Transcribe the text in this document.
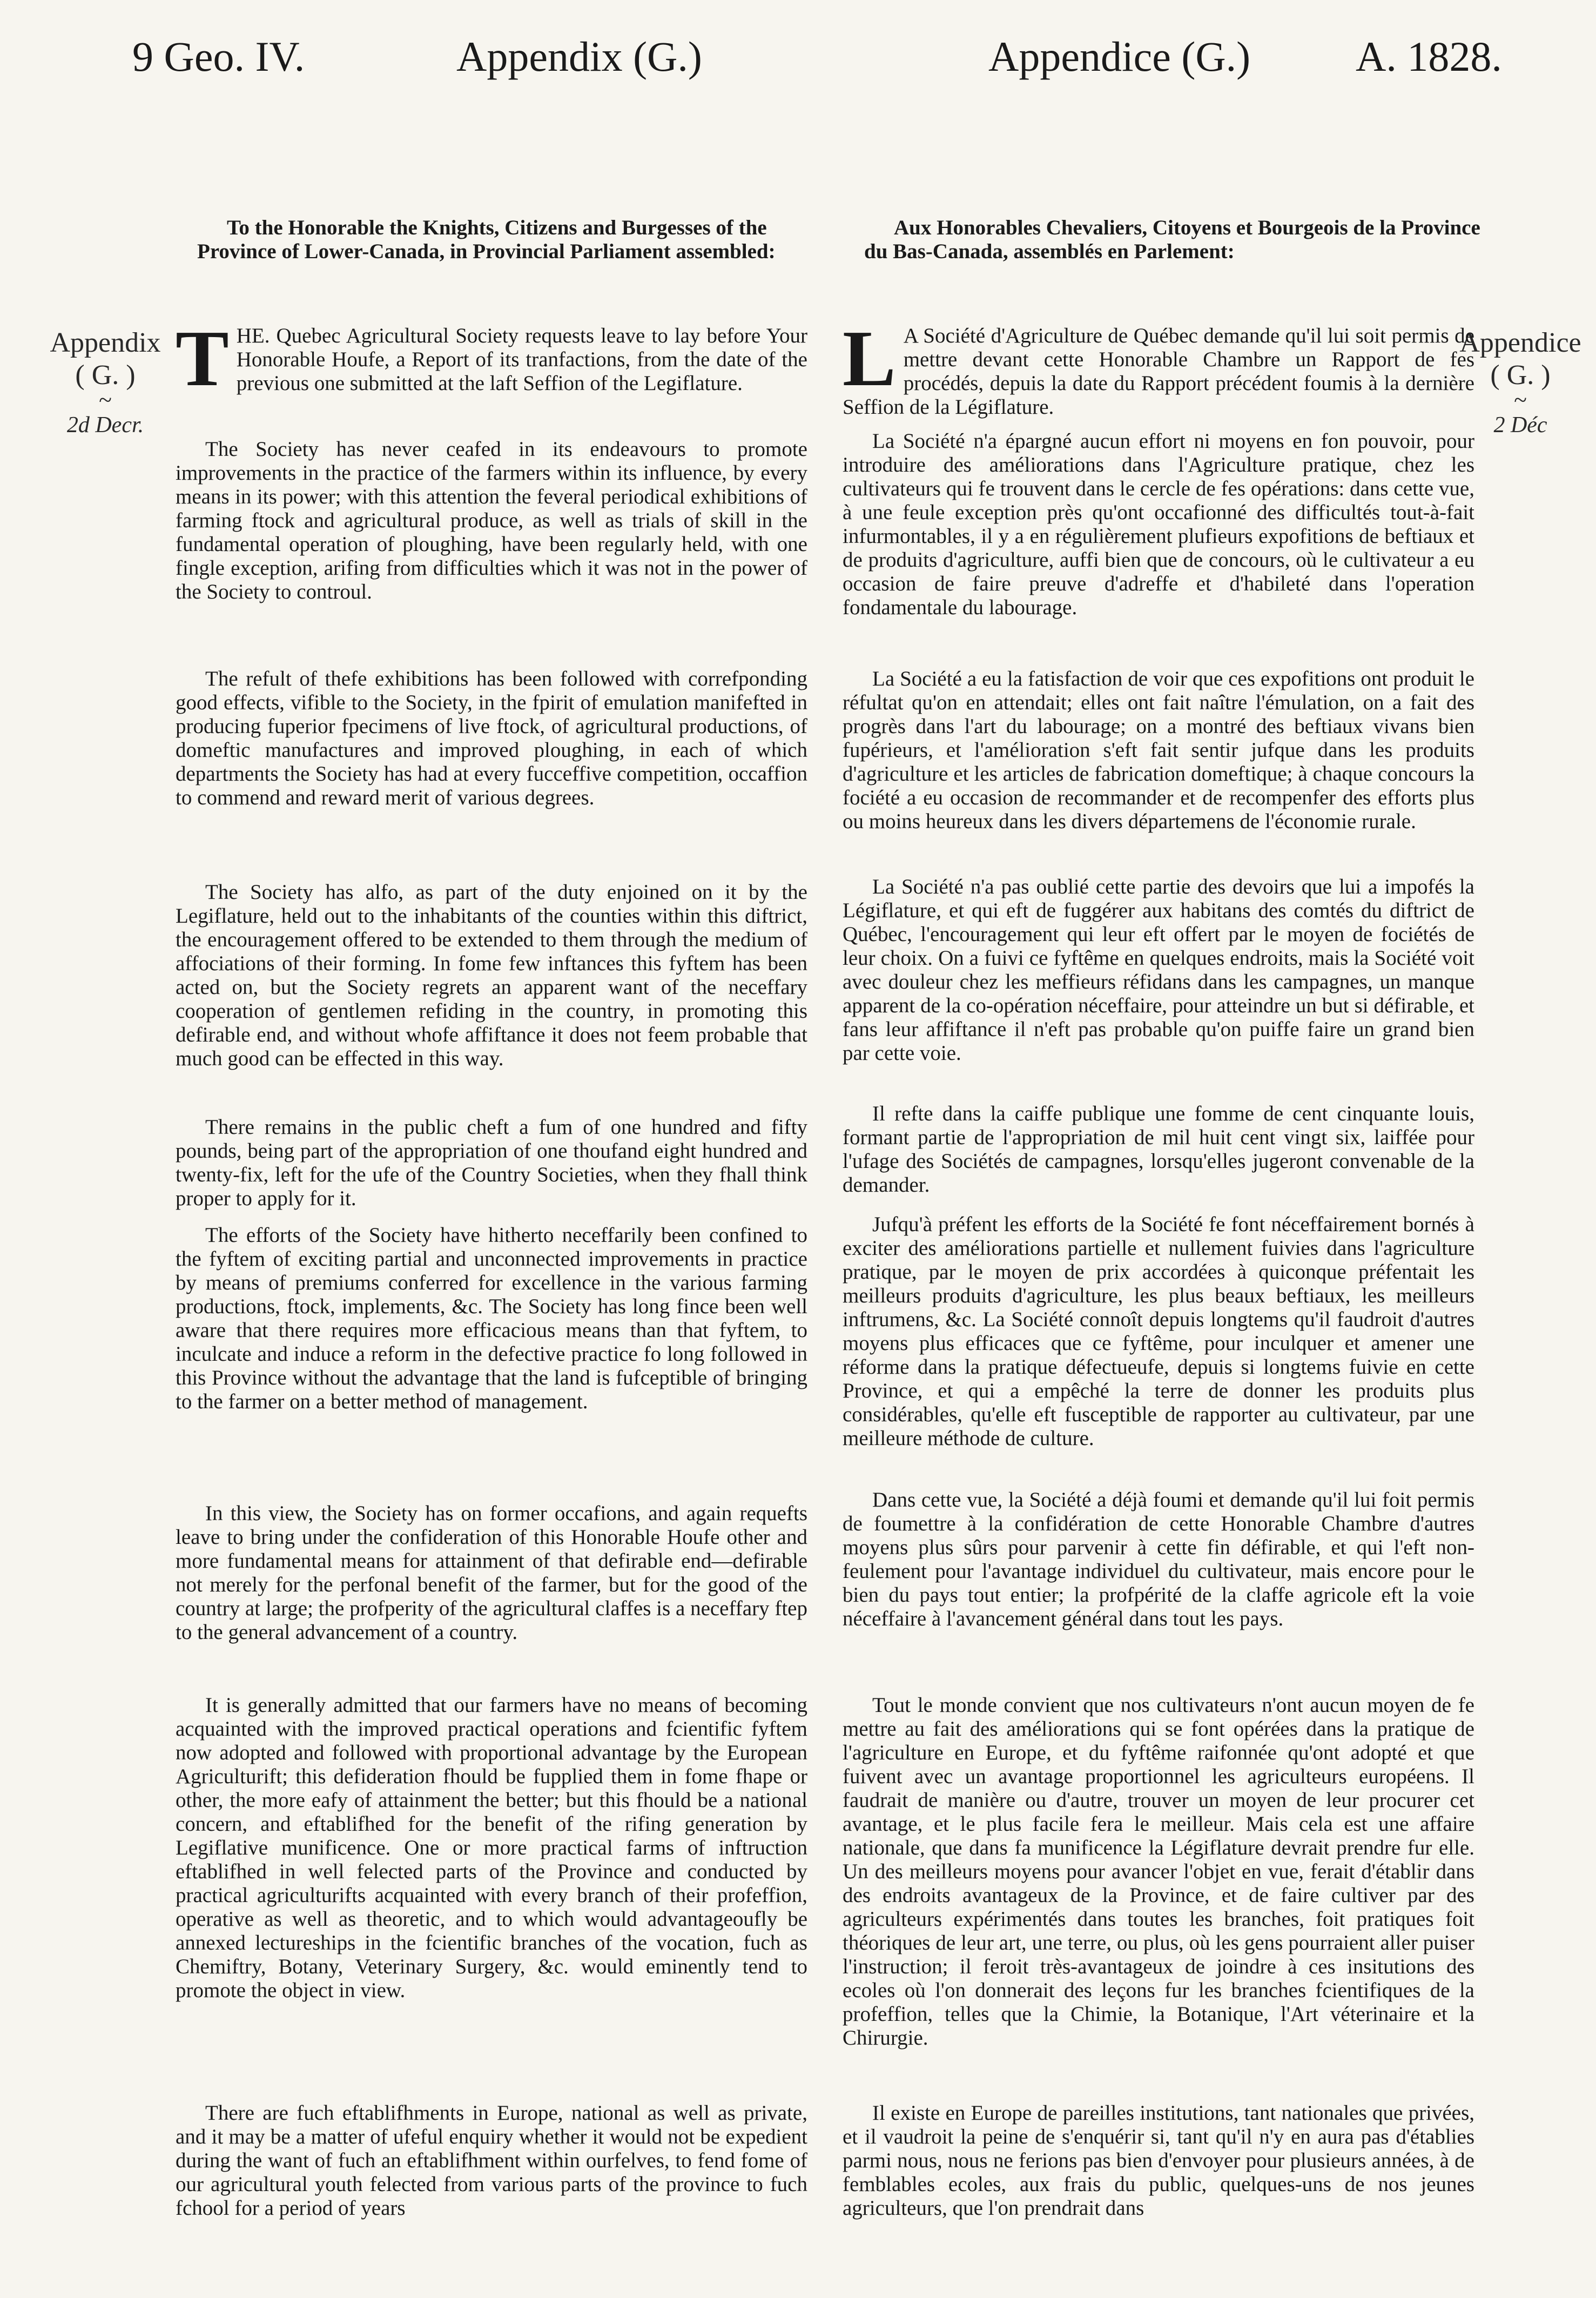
9 Geo. IV.	Appendix (G.)	Appendice (G.) A. 1828.
Appendix
( G. )
~
2d Decr.
Appendice
( G. )
~
2 Déc

To the Honorable the Knights, Citizens and Burgesses of the Province of Lower-Canada, in Provincial Parliament assembled:

THE. Quebec Agricultural Society requests leave to lay before Your Honorable Houfe, a Report of its tranfactions, from the date of the previous one submitted at the laft Seffion of the Legiflature.

The Society has never ceafed in its endeavours to promote improvements in the practice of the farmers within its influence, by every means in its power; with this attention the feveral periodical exhibitions of farming ftock and agricultural produce, as well as trials of skill in the fundamental operation of ploughing, have been regularly held, with one fingle exception, arifing from difficulties which it was not in the power of the Society to controul.

The refult of thefe exhibitions has been followed with correfponding good effects, vifible to the Society, in the fpirit of emulation manifefted in producing fuperior fpecimens of live ftock, of agricultural productions, of domeftic manufactures and improved ploughing, in each of which departments the Society has had at every fucceffive competition, occaffion to commend and reward merit of various degrees.

The Society has alfo, as part of the duty enjoined on it by the Legiflature, held out to the inhabitants of the counties within this diftrict, the encouragement offered to be extended to them through the medium of affociations of their forming. In fome few inftances this fyftem has been acted on, but the Society regrets an apparent want of the neceffary cooperation of gentlemen refiding in the country, in promoting this defirable end, and without whofe affiftance it does not feem probable that much good can be effected in this way.

There remains in the public cheft a fum of one hundred and fifty pounds, being part of the appropriation of one thoufand eight hundred and twenty-fix, left for the ufe of the Country Societies, when they fhall think proper to apply for it.

The efforts of the Society have hitherto neceffarily been confined to the fyftem of exciting partial and unconnected improvements in practice by means of premiums conferred for excellence in the various farming productions, ftock, implements, &c. The Society has long fince been well aware that there requires more efficacious means than that fyftem, to inculcate and induce a reform in the defective practice fo long followed in this Province without the advantage that the land is fufceptible of bringing to the farmer on a better method of management.

In this view, the Society has on former occafions, and again requefts leave to bring under the confideration of this Honorable Houfe other and more fundamental means for attainment of that defirable end—defirable not merely for the perfonal benefit of the farmer, but for the good of the country at large; the profperity of the agricultural claffes is a neceffary ftep to the general advancement of a country.

It is generally admitted that our farmers have no means of becoming acquainted with the improved practical operations and fcientific fyftem now adopted and followed with proportional advantage by the European Agriculturift; this defideration fhould be fupplied them in fome fhape or other, the more eafy of attainment the better; but this fhould be a national concern, and eftablifhed for the benefit of the rifing generation by Legiflative munificence. One or more practical farms of inftruction eftablifhed in well felected parts of the Province and conducted by practical agriculturifts acquainted with every branch of their profeffion, operative as well as theoretic, and to which would advantageoufly be annexed lectureships in the fcientific branches of the vocation, fuch as Chemiftry, Botany, Veterinary Surgery, &c. would eminently tend to promote the object in view.

There are fuch eftablifhments in Europe, national as well as private, and it may be a matter of ufeful enquiry whether it would not be expedient during the want of fuch an eftablifhment within ourfelves, to fend fome of our agricultural youth felected from various parts of the province to fuch fchool for a period of years

Aux Honorables Chevaliers, Citoyens et Bourgeois de la Province du Bas-Canada, assemblés en Parlement:

L A Société d'Agriculture de Québec demande qu'il lui soit permis de mettre devant cette Honorable Chambre un Rapport de fes procédés, depuis la date du Rapport précédent foumis à la dernière Seffion de la Légiflature.

La Société n'a épargné aucun effort ni moyens en fon pouvoir, pour introduire des améliorations dans l'Agriculture pratique, chez les cultivateurs qui fe trouvent dans le cercle de fes opérations: dans cette vue, à une feule exception près qu'ont occafionné des difficultés tout-à-fait infurmontables, il y a en régulièrement plufieurs expofitions de beftiaux et de produits d'agriculture, auffi bien que de concours, où le cultivateur a eu occasion de faire preuve d'adreffe et d'habileté dans l'operation fondamentale du labourage.

La Société a eu la fatisfaction de voir que ces expofitions ont produit le réfultat qu'on en attendait; elles ont fait naître l'émulation, on a fait des progrès dans l'art du labourage; on a montré des beftiaux vivans bien fupérieurs, et l'amélioration s'eft fait sentir jufque dans les produits d'agriculture et les articles de fabrication domeftique; à chaque concours la fociété a eu occasion de recommander et de recompenfer des efforts plus ou moins heureux dans les divers départemens de l'économie rurale.

La Société n'a pas oublié cette partie des devoirs que lui a impofés la Légiflature, et qui eft de fuggérer aux habitans des comtés du diftrict de Québec, l'encouragement qui leur eft offert par le moyen de fociétés de leur choix. On a fuivi ce fyftême en quelques endroits, mais la Société voit avec douleur chez les meffieurs réfidans dans les campagnes, un manque apparent de la co-opération néceffaire, pour atteindre un but si défirable, et fans leur affiftance il n'eft pas probable qu'on puiffe faire un grand bien par cette voie.

Il refte dans la caiffe publique une fomme de cent cinquante louis, formant partie de l'appropriation de mil huit cent vingt six, laiffée pour l'ufage des Sociétés de campagnes, lorsqu'elles jugeront convenable de la demander.

Jufqu'à préfent les efforts de la Société fe font néceffairement bornés à exciter des améliorations partielle et nullement fuivies dans l'agriculture pratique, par le moyen de prix accordées à quiconque préfentait les meilleurs produits d'agriculture, les plus beaux beftiaux, les meilleurs inftrumens, &c. La Société connoît depuis longtems qu'il faudroit d'autres moyens plus efficaces que ce fyftême, pour inculquer et amener une réforme dans la pratique défectueufe, depuis si longtems fuivie en cette Province, et qui a empêché la terre de donner les produits plus considérables, qu'elle eft fusceptible de rapporter au cultivateur, par une meilleure méthode de culture.

Dans cette vue, la Société a déjà foumi et demande qu'il lui foit permis de foumettre à la confidération de cette Honorable Chambre d'autres moyens plus sûrs pour parvenir à cette fin défirable, et qui l'eft non-feulement pour l'avantage individuel du cultivateur, mais encore pour le bien du pays tout entier; la profpérité de la claffe agricole eft la voie néceffaire à l'avancement général dans tout les pays.

Tout le monde convient que nos cultivateurs n'ont aucun moyen de fe mettre au fait des améliorations qui se font opérées dans la pratique de l'agriculture en Europe, et du fyftême raifonnée qu'ont adopté et que fuivent avec un avantage proportionnel les agriculteurs européens. Il faudrait de manière ou d'autre, trouver un moyen de leur procurer cet avantage, et le plus facile fera le meilleur. Mais cela est une affaire nationale, que dans fa munificence la Légiflature devrait prendre fur elle. Un des meilleurs moyens pour avancer l'objet en vue, ferait d'établir dans des endroits avantageux de la Province, et de faire cultiver par des agriculteurs expérimentés dans toutes les branches, foit pratiques foit théoriques de leur art, une terre, ou plus, où les gens pourraient aller puiser l'instruction; il feroit très-avantageux de joindre à ces insitutions des ecoles où l'on donnerait des leçons fur les branches fcientifiques de la profeffion, telles que la Chimie, la Botanique, l'Art véterinaire et la Chirurgie.

Il existe en Europe de pareilles institutions, tant nationales que privées, et il vaudroit la peine de s'enquérir si, tant qu'il n'y en aura pas d'établies parmi nous, nous ne ferions pas bien d'envoyer pour plusieurs années, à de femblables ecoles, aux frais du public, quelques-uns de nos jeunes agriculteurs, que l'on prendrait dans
